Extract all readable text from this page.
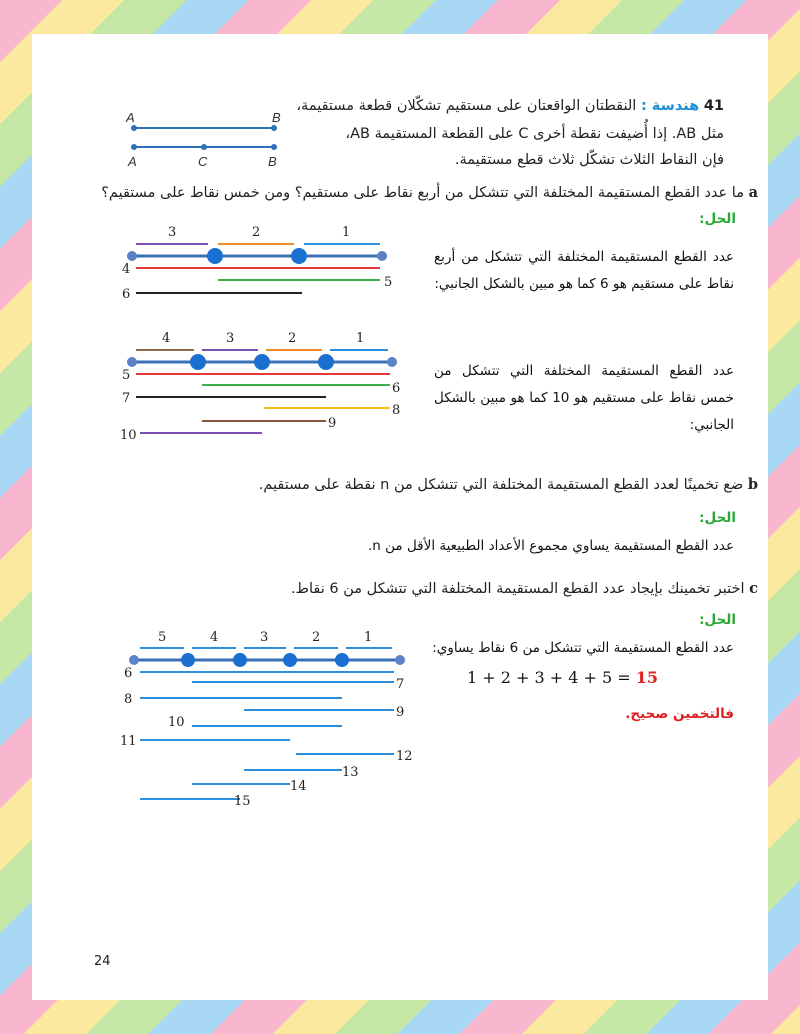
41 هندسة : النقطتان الواقعتان على مستقيم تشكّلان قطعة مستقيمة،
مثل AB. إذا أُضيفت نقطة أخرى C على القطعة المستقيمة AB،
فإن النقاط الثلاث تشكّل ثلاث قطع مستقيمة.
A	B
A	C	B
a ما عدد القطع المستقيمة المختلفة التي تتشكل من أربع نقاط على مستقيم؟ ومن خمس نقاط على مستقيم؟
الحل:
3	2	1
4
5
6
عدد القطع المستقيمة المختلفة التي تتشكل من أربع نقاط على مستقيم هو 6 كما هو مبين بالشكل الجانبي:
4	3	2	1
5
6
7
8
9
10
عدد القطع المستقيمة المختلفة التي تتشكل من خمس نقاط على مستقيم هو 10 كما هو مبين بالشكل الجانبي:
b ضع تخمينًا لعدد القطع المستقيمة المختلفة التي تتشكل من n نقطة على مستقيم.
الحل:
عدد القطع المستقيمة يساوي مجموع الأعداد الطبيعية الأقل من n.
c اختبر تخمينك بإيجاد عدد القطع المستقيمة المختلفة التي تتشكل من 6 نقاط.
الحل:
5	4	3	2	1
6
7
8
9
10
11
12
13
14
15
عدد القطع المستقيمة التي تتشكل من 6 نقاط يساوي:
1 + 2 + 3 + 4 + 5 = 15
فالتخمين صحيح.
24
